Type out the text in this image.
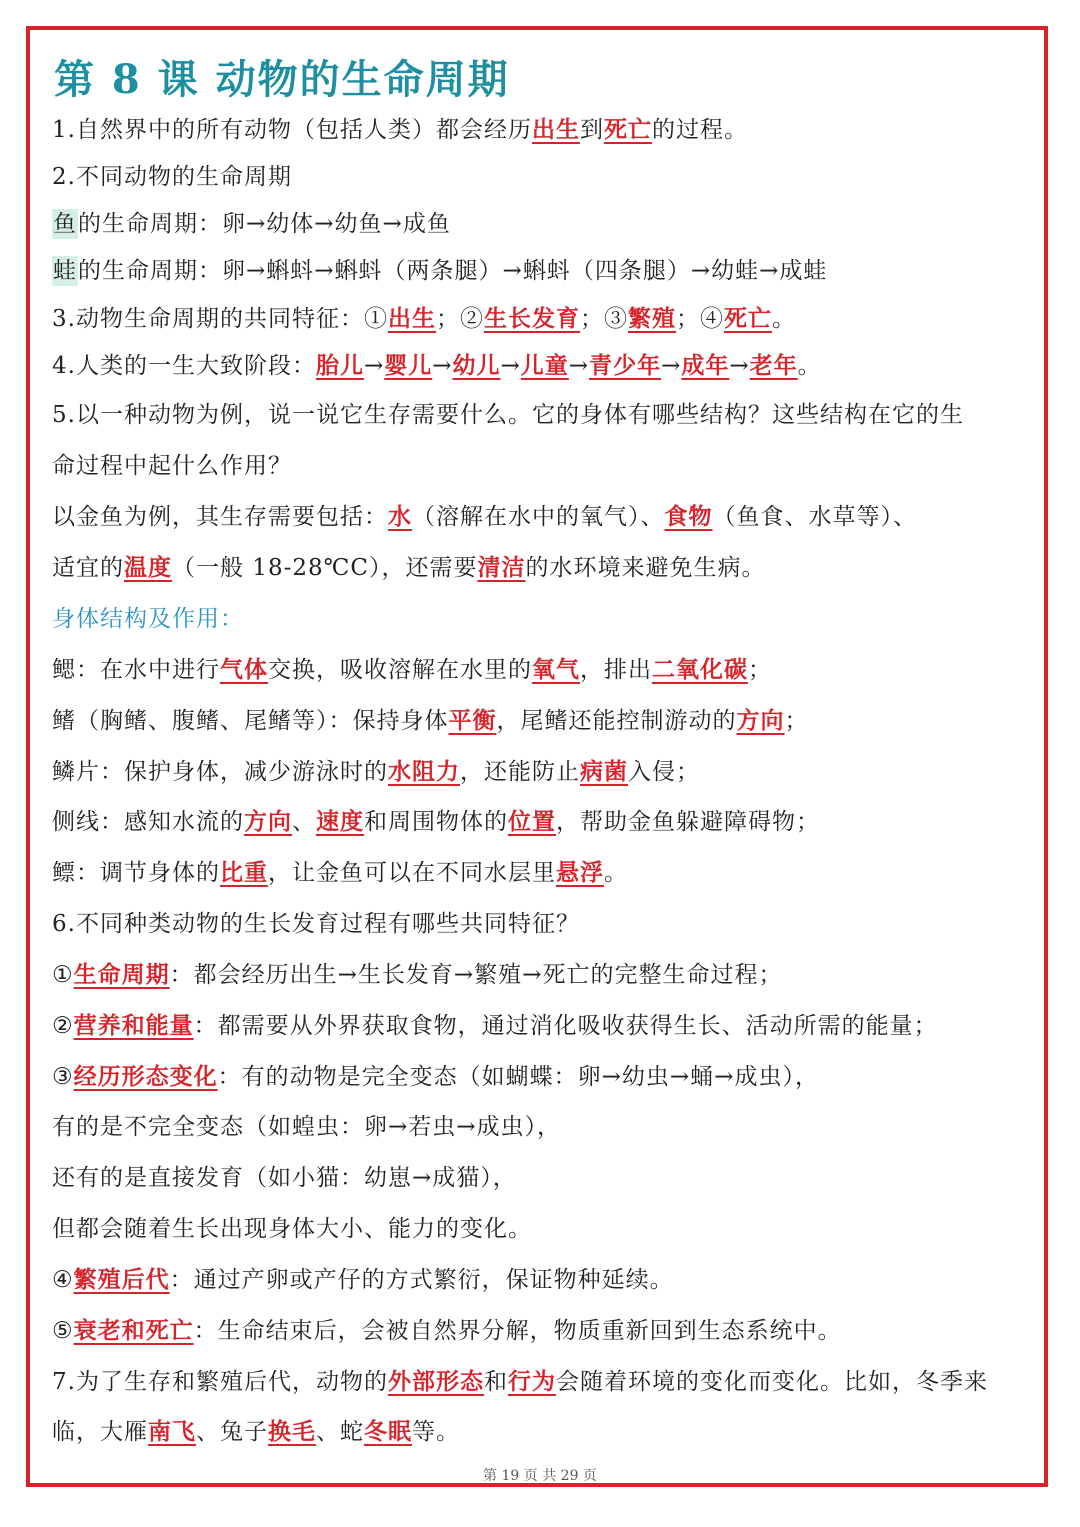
第 8 课 动物的生命周期
1.自然界中的所有动物（包括人类）都会经历出生到死亡的过程。
2.不同动物的生命周期
鱼的生命周期：卵→幼体→幼鱼→成鱼
蛙的生命周期：卵→蝌蚪→蝌蚪（两条腿）→蝌蚪（四条腿）→幼蛙→成蛙
3.动物生命周期的共同特征：①出生；②生长发育；③繁殖；④死亡。
4.人类的一生大致阶段：胎儿→婴儿→幼儿→儿童→青少年→成年→老年。
5.以一种动物为例，说一说它生存需要什么。它的身体有哪些结构？这些结构在它的生
命过程中起什么作用？
以金鱼为例，其生存需要包括：水（溶解在水中的氧气）、食物（鱼食、水草等）、
适宜的温度（一般 18-28℃C），还需要清洁的水环境来避免生病。
身体结构及作用：
鳃：在水中进行气体交换，吸收溶解在水里的氧气，排出二氧化碳；
鳍（胸鳍、腹鳍、尾鳍等）：保持身体平衡，尾鳍还能控制游动的方向；
鳞片：保护身体，减少游泳时的水阻力，还能防止病菌入侵；
侧线：感知水流的方向、速度和周围物体的位置，帮助金鱼躲避障碍物；
鳔：调节身体的比重，让金鱼可以在不同水层里悬浮。
6.不同种类动物的生长发育过程有哪些共同特征？
①生命周期：都会经历出生→生长发育→繁殖→死亡的完整生命过程；
②营养和能量：都需要从外界获取食物，通过消化吸收获得生长、活动所需的能量；
③经历形态变化：有的动物是完全变态（如蝴蝶：卵→幼虫→蛹→成虫），
有的是不完全变态（如蝗虫：卵→若虫→成虫），
还有的是直接发育（如小猫：幼崽→成猫），
但都会随着生长出现身体大小、能力的变化。
④繁殖后代：通过产卵或产仔的方式繁衍，保证物种延续。
⑤衰老和死亡：生命结束后，会被自然界分解，物质重新回到生态系统中。
7.为了生存和繁殖后代，动物的外部形态和行为会随着环境的变化而变化。比如，冬季来
临，大雁南飞、兔子换毛、蛇冬眠等。
第 19 页 共 29 页
